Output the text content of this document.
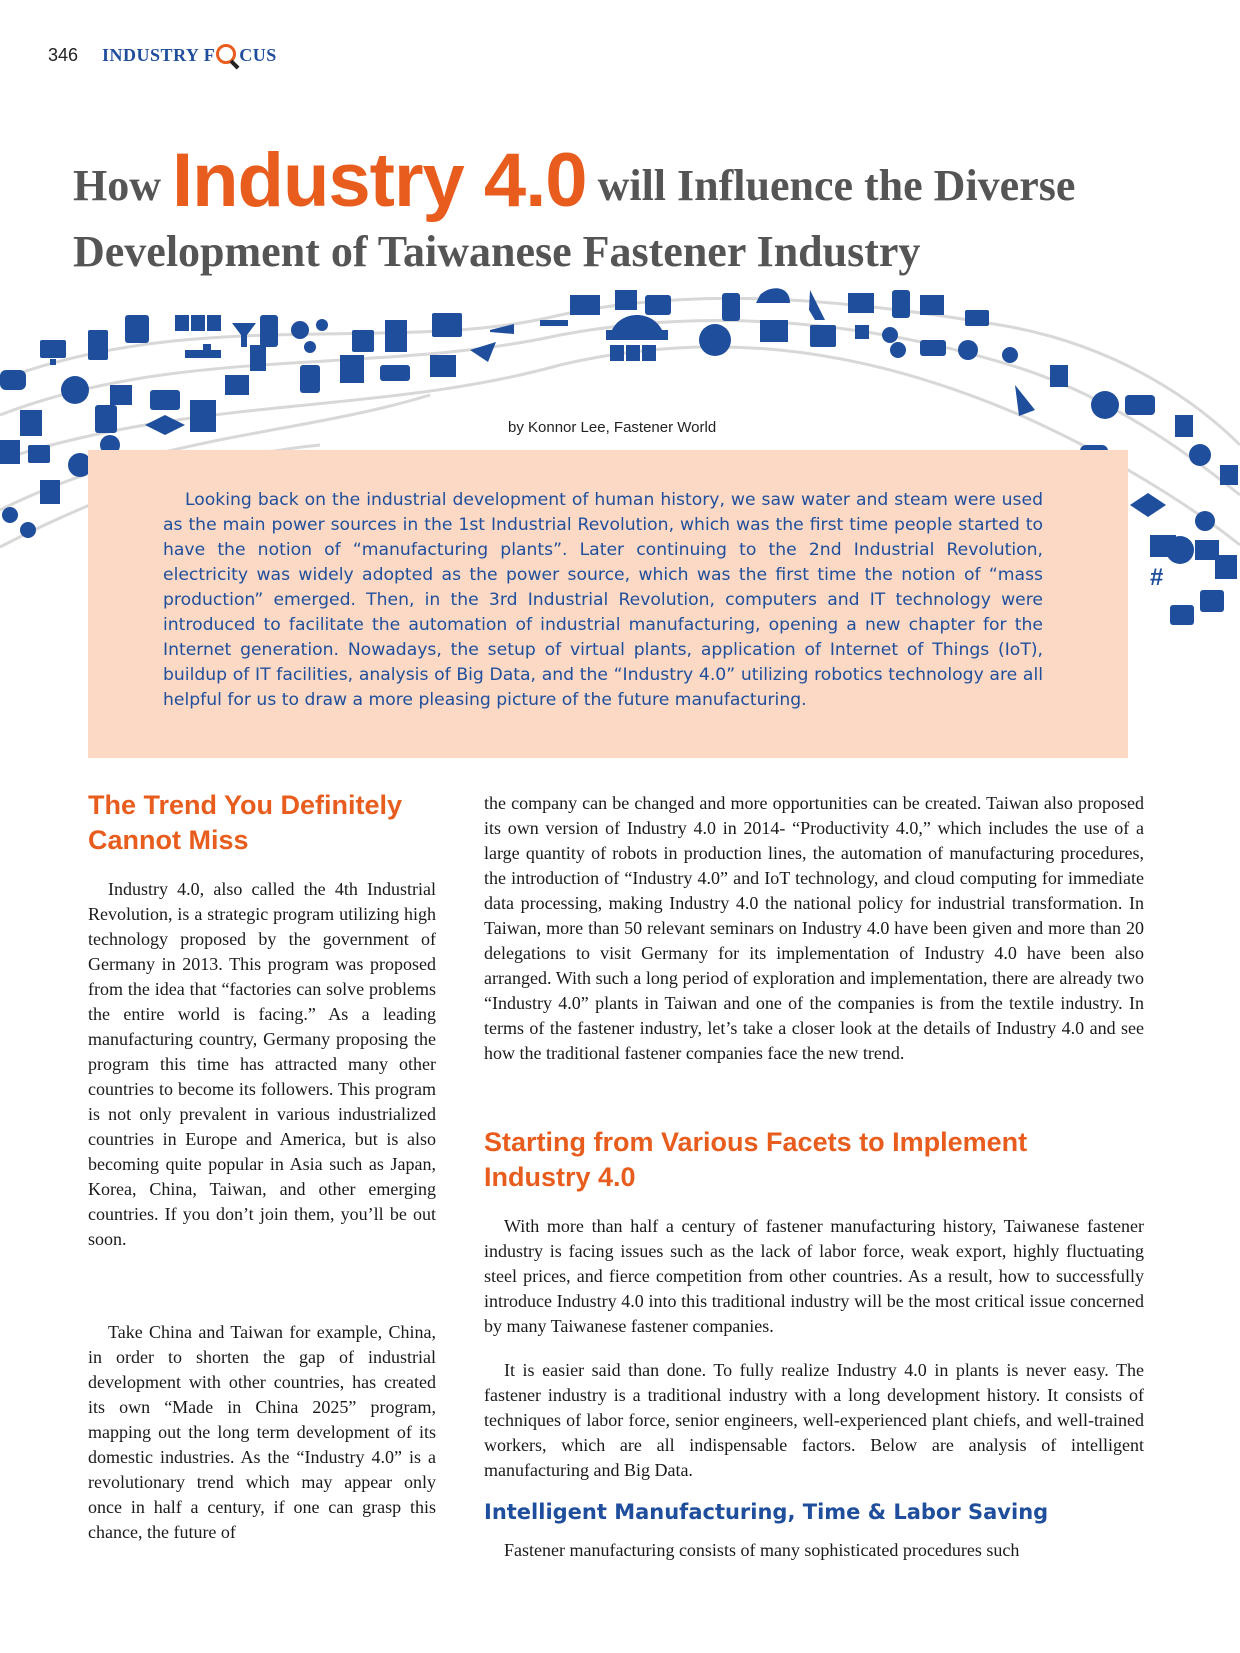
346 INDUSTRY F CUS
How Industry 4.0 will Influence the Diverse
Development of Taiwanese Fastener Industry
#
by Konnor Lee, Fastener World

Looking back on the industrial development of human history, we saw water and steam were used as the main power sources in the 1st Industrial Revolution, which was the first time people started to have the notion of “manufacturing plants”. Later continuing to the 2nd Industrial Revolution, electricity was widely adopted as the power source, which was the first time the notion of “mass production” emerged. Then, in the 3rd Industrial Revolution, computers and IT technology were introduced to facilitate the automation of industrial manufacturing, opening a new chapter for the Internet generation. Nowadays, the setup of virtual plants, application of Internet of Things (IoT), buildup of IT facilities, analysis of Big Data, and the “Industry 4.0” utilizing robotics technology are all helpful for us to draw a more pleasing picture of the future manufacturing.

The Trend You Definitely Cannot Miss

Industry 4.0, also called the 4th Industrial Revolution, is a strategic program utilizing high technology proposed by the government of Germany in 2013. This program was proposed from the idea that “factories can solve problems the entire world is facing.” As a leading manufacturing country, Germany proposing the program this time has attracted many other countries to become its followers. This program is not only prevalent in various industrialized countries in Europe and America, but is also becoming quite popular in Asia such as Japan, Korea, China, Taiwan, and other emerging countries. If you don’t join them, you’ll be out soon.

Take China and Taiwan for example, China, in order to shorten the gap of industrial development with other countries, has created its own “Made in China 2025” program, mapping out the long term development of its domestic industries. As the “Industry 4.0” is a revolutionary trend which may appear only once in half a century, if one can grasp this chance, the future of

the company can be changed and more opportunities can be created. Taiwan also proposed its own version of Industry 4.0 in 2014- “Productivity 4.0,” which includes the use of a large quantity of robots in production lines, the automation of manufacturing procedures, the introduction of “Industry 4.0” and IoT technology, and cloud computing for immediate data processing, making Industry 4.0 the national policy for industrial transformation. In Taiwan, more than 50 relevant seminars on Industry 4.0 have been given and more than 20 delegations to visit Germany for its implementation of Industry 4.0 have been also arranged. With such a long period of exploration and implementation, there are already two “Industry 4.0” plants in Taiwan and one of the companies is from the textile industry. In terms of the fastener industry, let’s take a closer look at the details of Industry 4.0 and see how the traditional fastener companies face the new trend.

Starting from Various Facets to Implement Industry 4.0

With more than half a century of fastener manufacturing history, Taiwanese fastener industry is facing issues such as the lack of labor force, weak export, highly fluctuating steel prices, and fierce competition from other countries. As a result, how to successfully introduce Industry 4.0 into this traditional industry will be the most critical issue concerned by many Taiwanese fastener companies.

It is easier said than done. To fully realize Industry 4.0 in plants is never easy. The fastener industry is a traditional industry with a long development history. It consists of techniques of labor force, senior engineers, well-experienced plant chiefs, and well-trained workers, which are all indispensable factors. Below are analysis of intelligent manufacturing and Big Data.

Intelligent Manufacturing, Time & Labor Saving

Fastener manufacturing consists of many sophisticated procedures such
